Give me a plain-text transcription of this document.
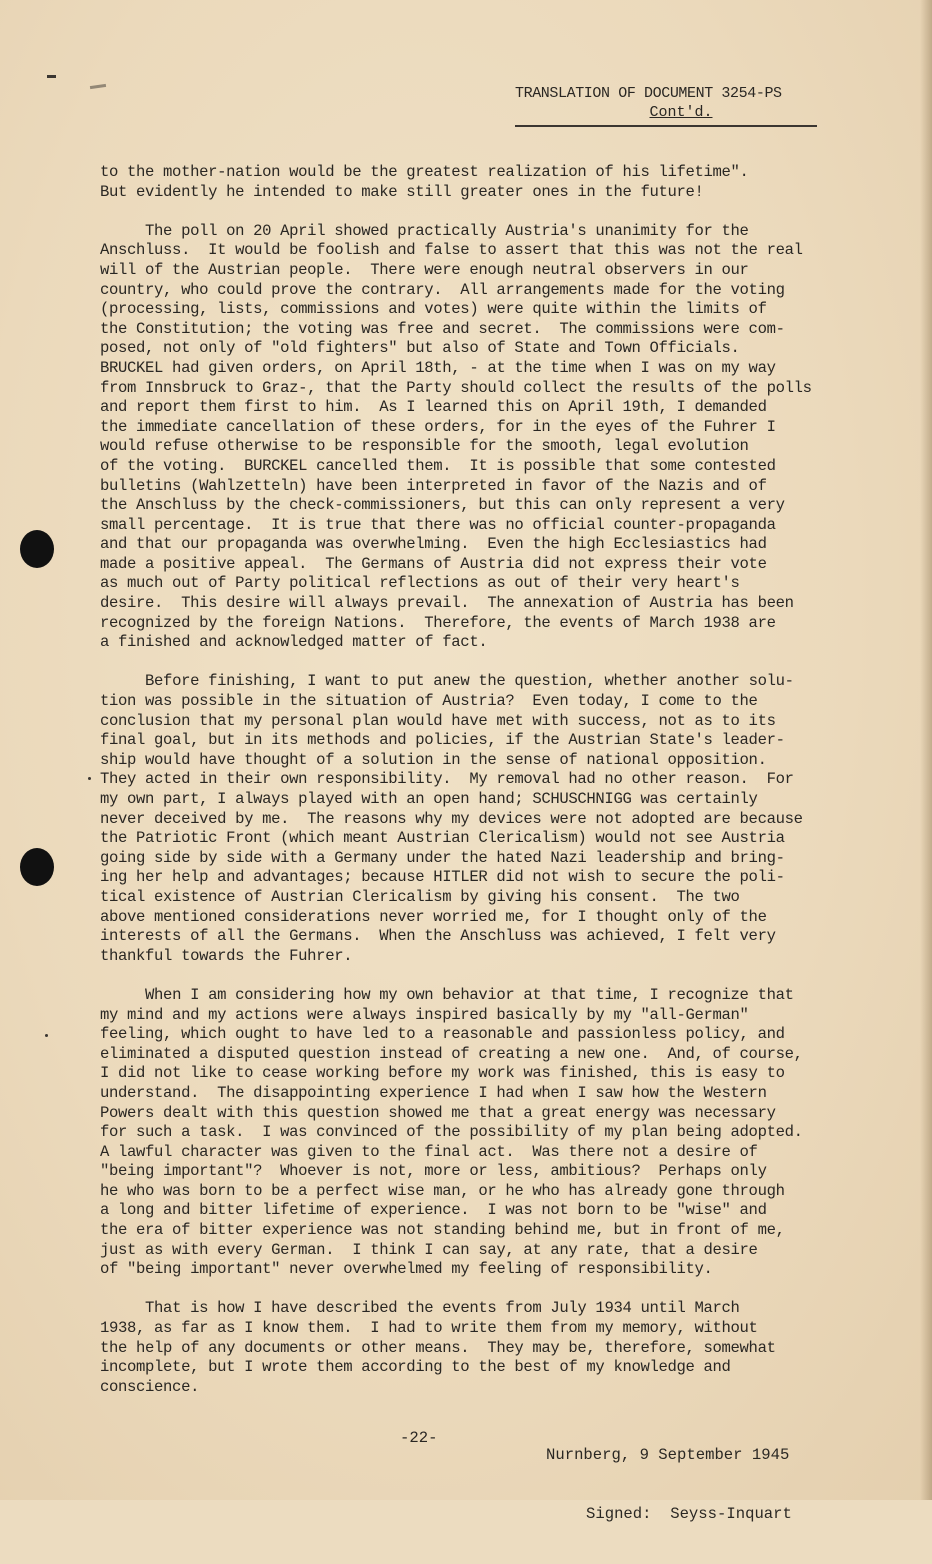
TRANSLATION OF DOCUMENT 3254-PS
Cont'd.

to the mother-nation would be the greatest realization of his lifetime".
But evidently he intended to make still greater ones in the future!

The poll on 20 April showed practically Austria's unanimity for the
Anschluss.  It would be foolish and false to assert that this was not the real
will of the Austrian people.  There were enough neutral observers in our
country, who could prove the contrary.  All arrangements made for the voting
(processing, lists, commissions and votes) were quite within the limits of
the Constitution; the voting was free and secret.  The commissions were com-
posed, not only of "old fighters" but also of State and Town Officials.
BRUCKEL had given orders, on April 18th, - at the time when I was on my way
from Innsbruck to Graz-, that the Party should collect the results of the polls
and report them first to him.  As I learned this on April 19th, I demanded
the immediate cancellation of these orders, for in the eyes of the Fuhrer I
would refuse otherwise to be responsible for the smooth, legal evolution
of the voting.  BURCKEL cancelled them.  It is possible that some contested
bulletins (Wahlzetteln) have been interpreted in favor of the Nazis and of
the Anschluss by the check-commissioners, but this can only represent a very
small percentage.  It is true that there was no official counter-propaganda
and that our propaganda was overwhelming.  Even the high Ecclesiastics had
made a positive appeal.  The Germans of Austria did not express their vote
as much out of Party political reflections as out of their very heart's
desire.  This desire will always prevail.  The annexation of Austria has been
recognized by the foreign Nations.  Therefore, the events of March 1938 are
a finished and acknowledged matter of fact.

Before finishing, I want to put anew the question, whether another solu-
tion was possible in the situation of Austria?  Even today, I come to the
conclusion that my personal plan would have met with success, not as to its
final goal, but in its methods and policies, if the Austrian State's leader-
ship would have thought of a solution in the sense of national opposition.
They acted in their own responsibility.  My removal had no other reason.  For
my own part, I always played with an open hand; SCHUSCHNIGG was certainly
never deceived by me.  The reasons why my devices were not adopted are because
the Patriotic Front (which meant Austrian Clericalism) would not see Austria
going side by side with a Germany under the hated Nazi leadership and bring-
ing her help and advantages; because HITLER did not wish to secure the poli-
tical existence of Austrian Clericalism by giving his consent.  The two
above mentioned considerations never worried me, for I thought only of the
interests of all the Germans.  When the Anschluss was achieved, I felt very
thankful towards the Fuhrer.

When I am considering how my own behavior at that time, I recognize that
my mind and my actions were always inspired basically by my "all-German"
feeling, which ought to have led to a reasonable and passionless policy, and
eliminated a disputed question instead of creating a new one.  And, of course,
I did not like to cease working before my work was finished, this is easy to
understand.  The disappointing experience I had when I saw how the Western
Powers dealt with this question showed me that a great energy was necessary
for such a task.  I was convinced of the possibility of my plan being adopted.
A lawful character was given to the final act.  Was there not a desire of
"being important"?  Whoever is not, more or less, ambitious?  Perhaps only
he who was born to be a perfect wise man, or he who has already gone through
a long and bitter lifetime of experience.  I was not born to be "wise" and
the era of bitter experience was not standing behind me, but in front of me,
just as with every German.  I think I can say, at any rate, that a desire
of "being important" never overwhelmed my feeling of responsibility.

That is how I have described the events from July 1934 until March
1938, as far as I know them.  I had to write them from my memory, without
the help of any documents or other means.  They may be, therefore, somewhat
incomplete, but I wrote them according to the best of my knowledge and
conscience.

Nurnberg, 9 September 1945

Signed:  Seyss-Inquart

-22-
